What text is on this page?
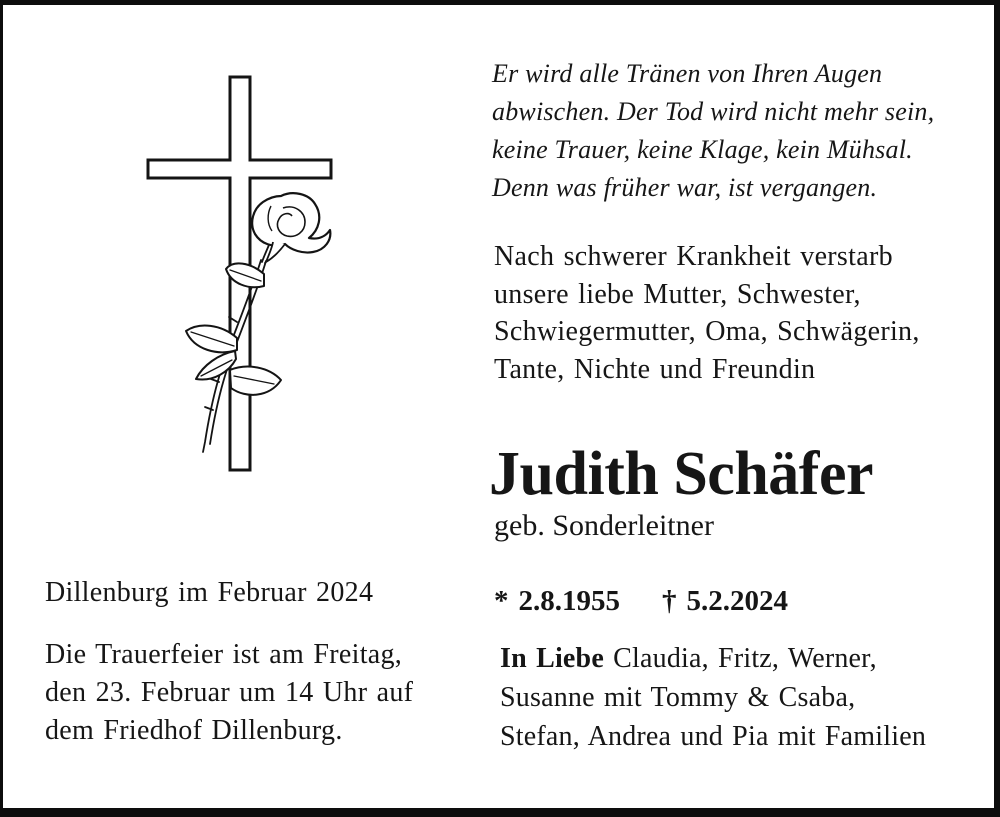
Er wird alle Tränen von Ihren Augen
abwischen. Der Tod wird nicht mehr sein,
keine Trauer, keine Klage, kein Mühsal.
Denn was früher war, ist vergangen.
Nach schwerer Krankheit verstarb
unsere liebe Mutter, Schwester,
Schwiegermutter, Oma, Schwägerin,
Tante, Nichte und Freundin
Judith Schäfer
geb. Sonderleitner
* 2.8.1955 † 5.2.2024
In Liebe Claudia, Fritz, Werner,
Susanne mit Tommy & Csaba,
Stefan, Andrea und Pia mit Familien
Dillenburg im Februar 2024
Die Trauerfeier ist am Freitag,
den 23. Februar um 14 Uhr auf
dem Friedhof Dillenburg.
